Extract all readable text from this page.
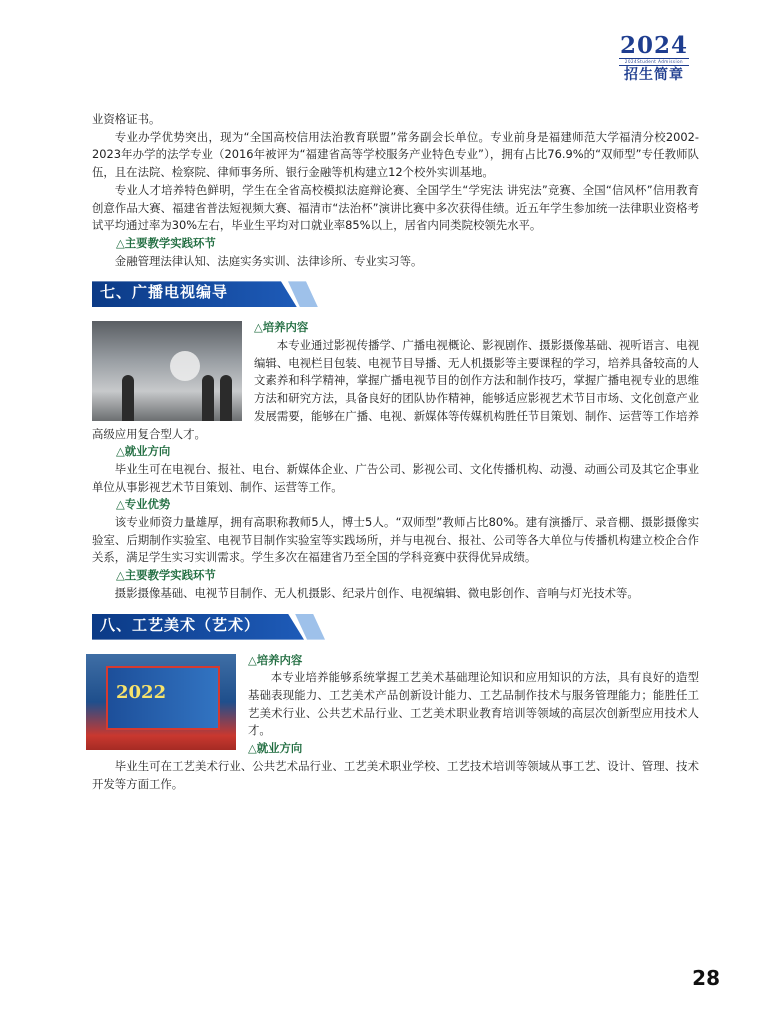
2024
2024Student Admission
招生简章

业资格证书。

专业办学优势突出，现为“全国高校信用法治教育联盟”常务副会长单位。专业前身是福建师范大学福清分校2002-2023年办学的法学专业（2016年被评为“福建省高等学校服务产业特色专业”），拥有占比76.9%的“双师型”专任教师队伍，且在法院、检察院、律师事务所、银行金融等机构建立12个校外实训基地。

专业人才培养特色鲜明，学生在全省高校模拟法庭辩论赛、全国学生“学宪法 讲宪法”竞赛、全国“信风杯”信用教育创意作品大赛、福建省普法短视频大赛、福清市“法治杯”演讲比赛中多次获得佳绩。近五年学生参加统一法律职业资格考试平均通过率为30%左右，毕业生平均对口就业率85%以上，居省内同类院校领先水平。

△主要教学实践环节

金融管理法律认知、法庭实务实训、法律诊所、专业实习等。

七、广播电视编导

△培养内容

本专业通过影视传播学、广播电视概论、影视剧作、摄影摄像基础、视听语言、电视编辑、电视栏目包装、电视节目导播、无人机摄影等主要课程的学习，培养具备较高的人文素养和科学精神，掌握广播电视节目的创作方法和制作技巧，掌握广播电视专业的思维方法和研究方法，具备良好的团队协作精神，能够适应影视艺术节目市场、文化创意产业发展需要，能够在广播、电视、新媒体等传媒机构胜任节目策划、制作、运营等工作培养高级应用复合型人才。

△就业方向

毕业生可在电视台、报社、电台、新媒体企业、广告公司、影视公司、文化传播机构、动漫、动画公司及其它企事业单位从事影视艺术节目策划、制作、运营等工作。

△专业优势

该专业师资力量雄厚，拥有高职称教师5人，博士5人。“双师型”教师占比80%。建有演播厅、录音棚、摄影摄像实验室、后期制作实验室、电视节目制作实验室等实践场所，并与电视台、报社、公司等各大单位与传播机构建立校企合作关系，满足学生实习实训需求。学生多次在福建省乃至全国的学科竞赛中获得优异成绩。

△主要教学实践环节

摄影摄像基础、电视节目制作、无人机摄影、纪录片创作、电视编辑、微电影创作、音响与灯光技术等。

八、工艺美术（艺术）
2022

△培养内容

本专业培养能够系统掌握工艺美术基础理论知识和应用知识的方法，具有良好的造型基础表现能力、工艺美术产品创新设计能力、工艺品制作技术与服务管理能力；能胜任工艺美术行业、公共艺术品行业、工艺美术职业教育培训等领域的高层次创新型应用技术人才。

△就业方向

毕业生可在工艺美术行业、公共艺术品行业、工艺美术职业学校、工艺技术培训等领域从事工艺、设计、管理、技术开发等方面工作。

28
